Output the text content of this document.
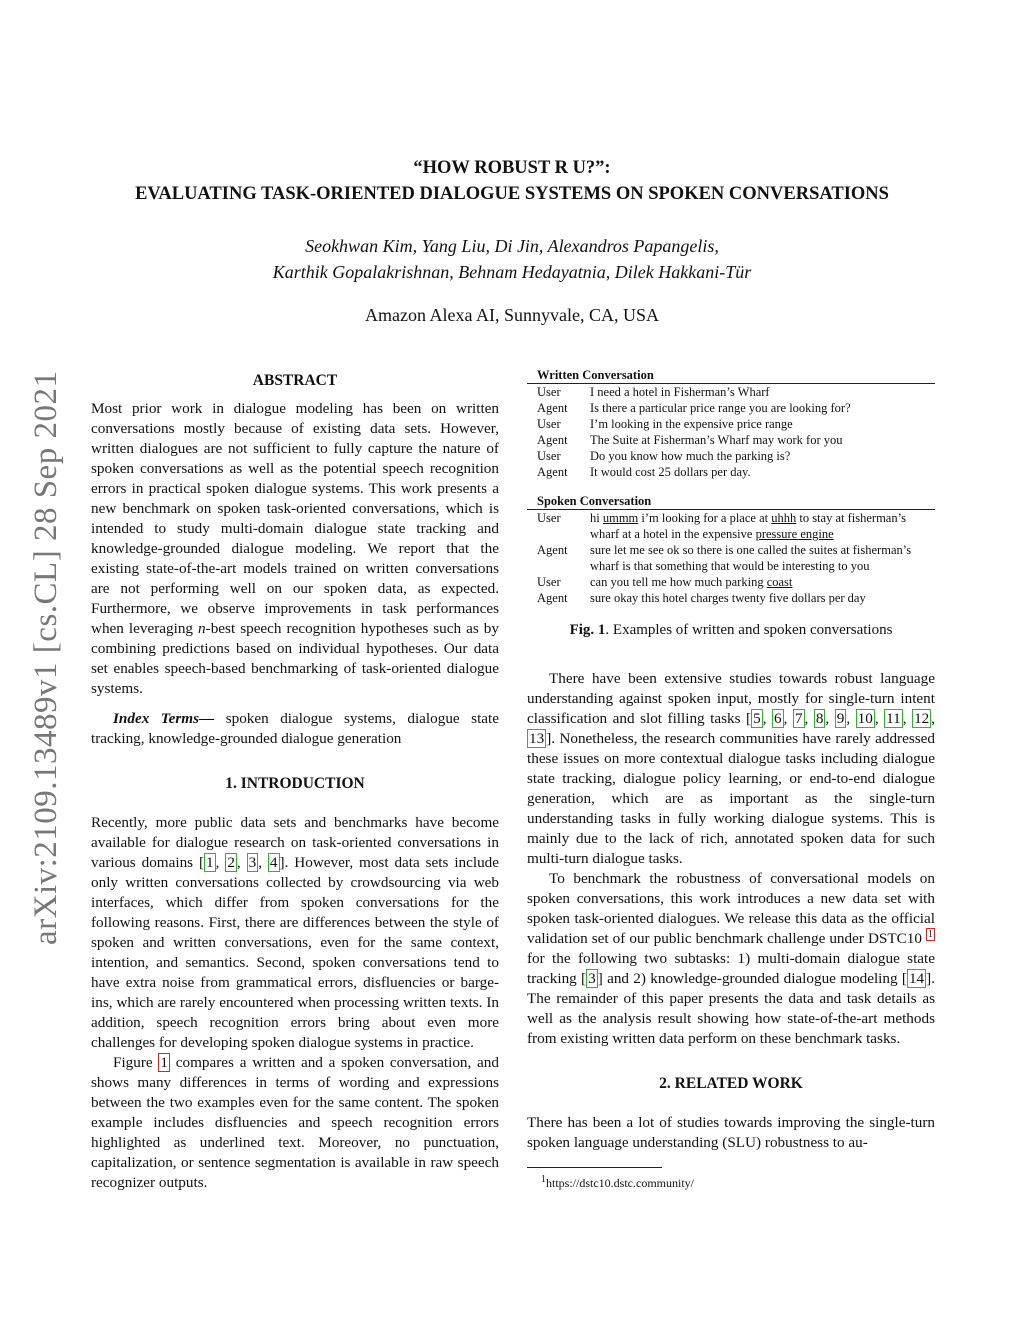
“HOW ROBUST R U?”:
EVALUATING TASK-ORIENTED DIALOGUE SYSTEMS ON SPOKEN CONVERSATIONS
Seokhwan Kim, Yang Liu, Di Jin, Alexandros Papangelis,
Karthik Gopalakrishnan, Behnam Hedayatnia, Dilek Hakkani-Tür
Amazon Alexa AI, Sunnyvale, CA, USA
arXiv:2109.13489v1 [cs.CL] 28 Sep 2021	ABSTRACT

Most prior work in dialogue modeling has been on written conversations mostly because of existing data sets. However, written dialogues are not sufficient to fully capture the nature of spoken conversations as well as the potential speech recognition errors in practical spoken dialogue systems. This work presents a new benchmark on spoken task-oriented conversations, which is intended to study multi-domain dialogue state tracking and knowledge-grounded dialogue modeling. We report that the existing state-of-the-art models trained on written conversations are not performing well on our spoken data, as expected. Furthermore, we observe improvements in task performances when leveraging n-best speech recognition hypotheses such as by combining predictions based on individual hypotheses. Our data set enables speech-based benchmarking of task-oriented dialogue systems.

Index Terms— spoken dialogue systems, dialogue state tracking, knowledge-grounded dialogue generation

1. INTRODUCTION

Recently, more public data sets and benchmarks have become available for dialogue research on task-oriented conversations in various domains [ 1 , 2 , 3 , 4 ]. However, most data sets include only written conversations collected by crowdsourcing via web interfaces, which differ from spoken conversations for the following reasons. First, there are differences between the style of spoken and written conversations, even for the same context, intention, and semantics. Second, spoken conversations tend to have extra noise from grammatical errors, disfluencies or barge-ins, which are rarely encountered when processing written texts. In addition, speech recognition errors bring about even more challenges for developing spoken dialogue systems in practice.

Figure 1 compares a written and a spoken conversation, and shows many differences in terms of wording and expressions between the two examples even for the same content. The spoken example includes disfluencies and speech recognition errors highlighted as underlined text. Moreover, no punctuation, capitalization, or sentence segmentation is available in raw speech recognizer outputs.

Written Conversation
User	I need a hotel in Fisherman’s Wharf
Agent	Is there a particular price range you are looking for?
User	I’m looking in the expensive price range
Agent	The Suite at Fisherman’s Wharf may work for you
User	Do you know how much the parking is?
Agent	It would cost 25 dollars per day.
Spoken Conversation
User	hi ummm i’m looking for a place at uhhh to stay at fisherman’s wharf at a hotel in the expensive pressure engine
Agent	sure let me see ok so there is one called the suites at fisherman’s wharf is that something that would be interesting to you
User	can you tell me how much parking coast
Agent	sure okay this hotel charges twenty five dollars per day
Fig. 1. Examples of written and spoken conversations

There have been extensive studies towards robust language understanding against spoken input, mostly for single-turn intent classification and slot filling tasks [ 5 , 6 , 7 , 8 , 9 , 10 , 11 , 12 , 13 ]. Nonetheless, the research communities have rarely addressed these issues on more contextual dialogue tasks including dialogue state tracking, dialogue policy learning, or end-to-end dialogue generation, which are as important as the single-turn understanding tasks in fully working dialogue systems. This is mainly due to the lack of rich, annotated spoken data for such multi-turn dialogue tasks.

To benchmark the robustness of conversational models on spoken conversations, this work introduces a new data set with spoken task-oriented dialogues. We release this data as the official validation set of our public benchmark challenge under DSTC10 $^1$ for the following two subtasks: 1) multi-domain dialogue state tracking [ 3 ] and 2) knowledge-grounded dialogue modeling [ 14 ]. The remainder of this paper presents the data and task details as well as the analysis result showing how state-of-the-art methods from existing written data perform on these benchmark tasks.

2. RELATED WORK

There has been a lot of studies towards improving the single-turn spoken language understanding (SLU) robustness to au-

$^1$https://dstc10.dstc.community/
